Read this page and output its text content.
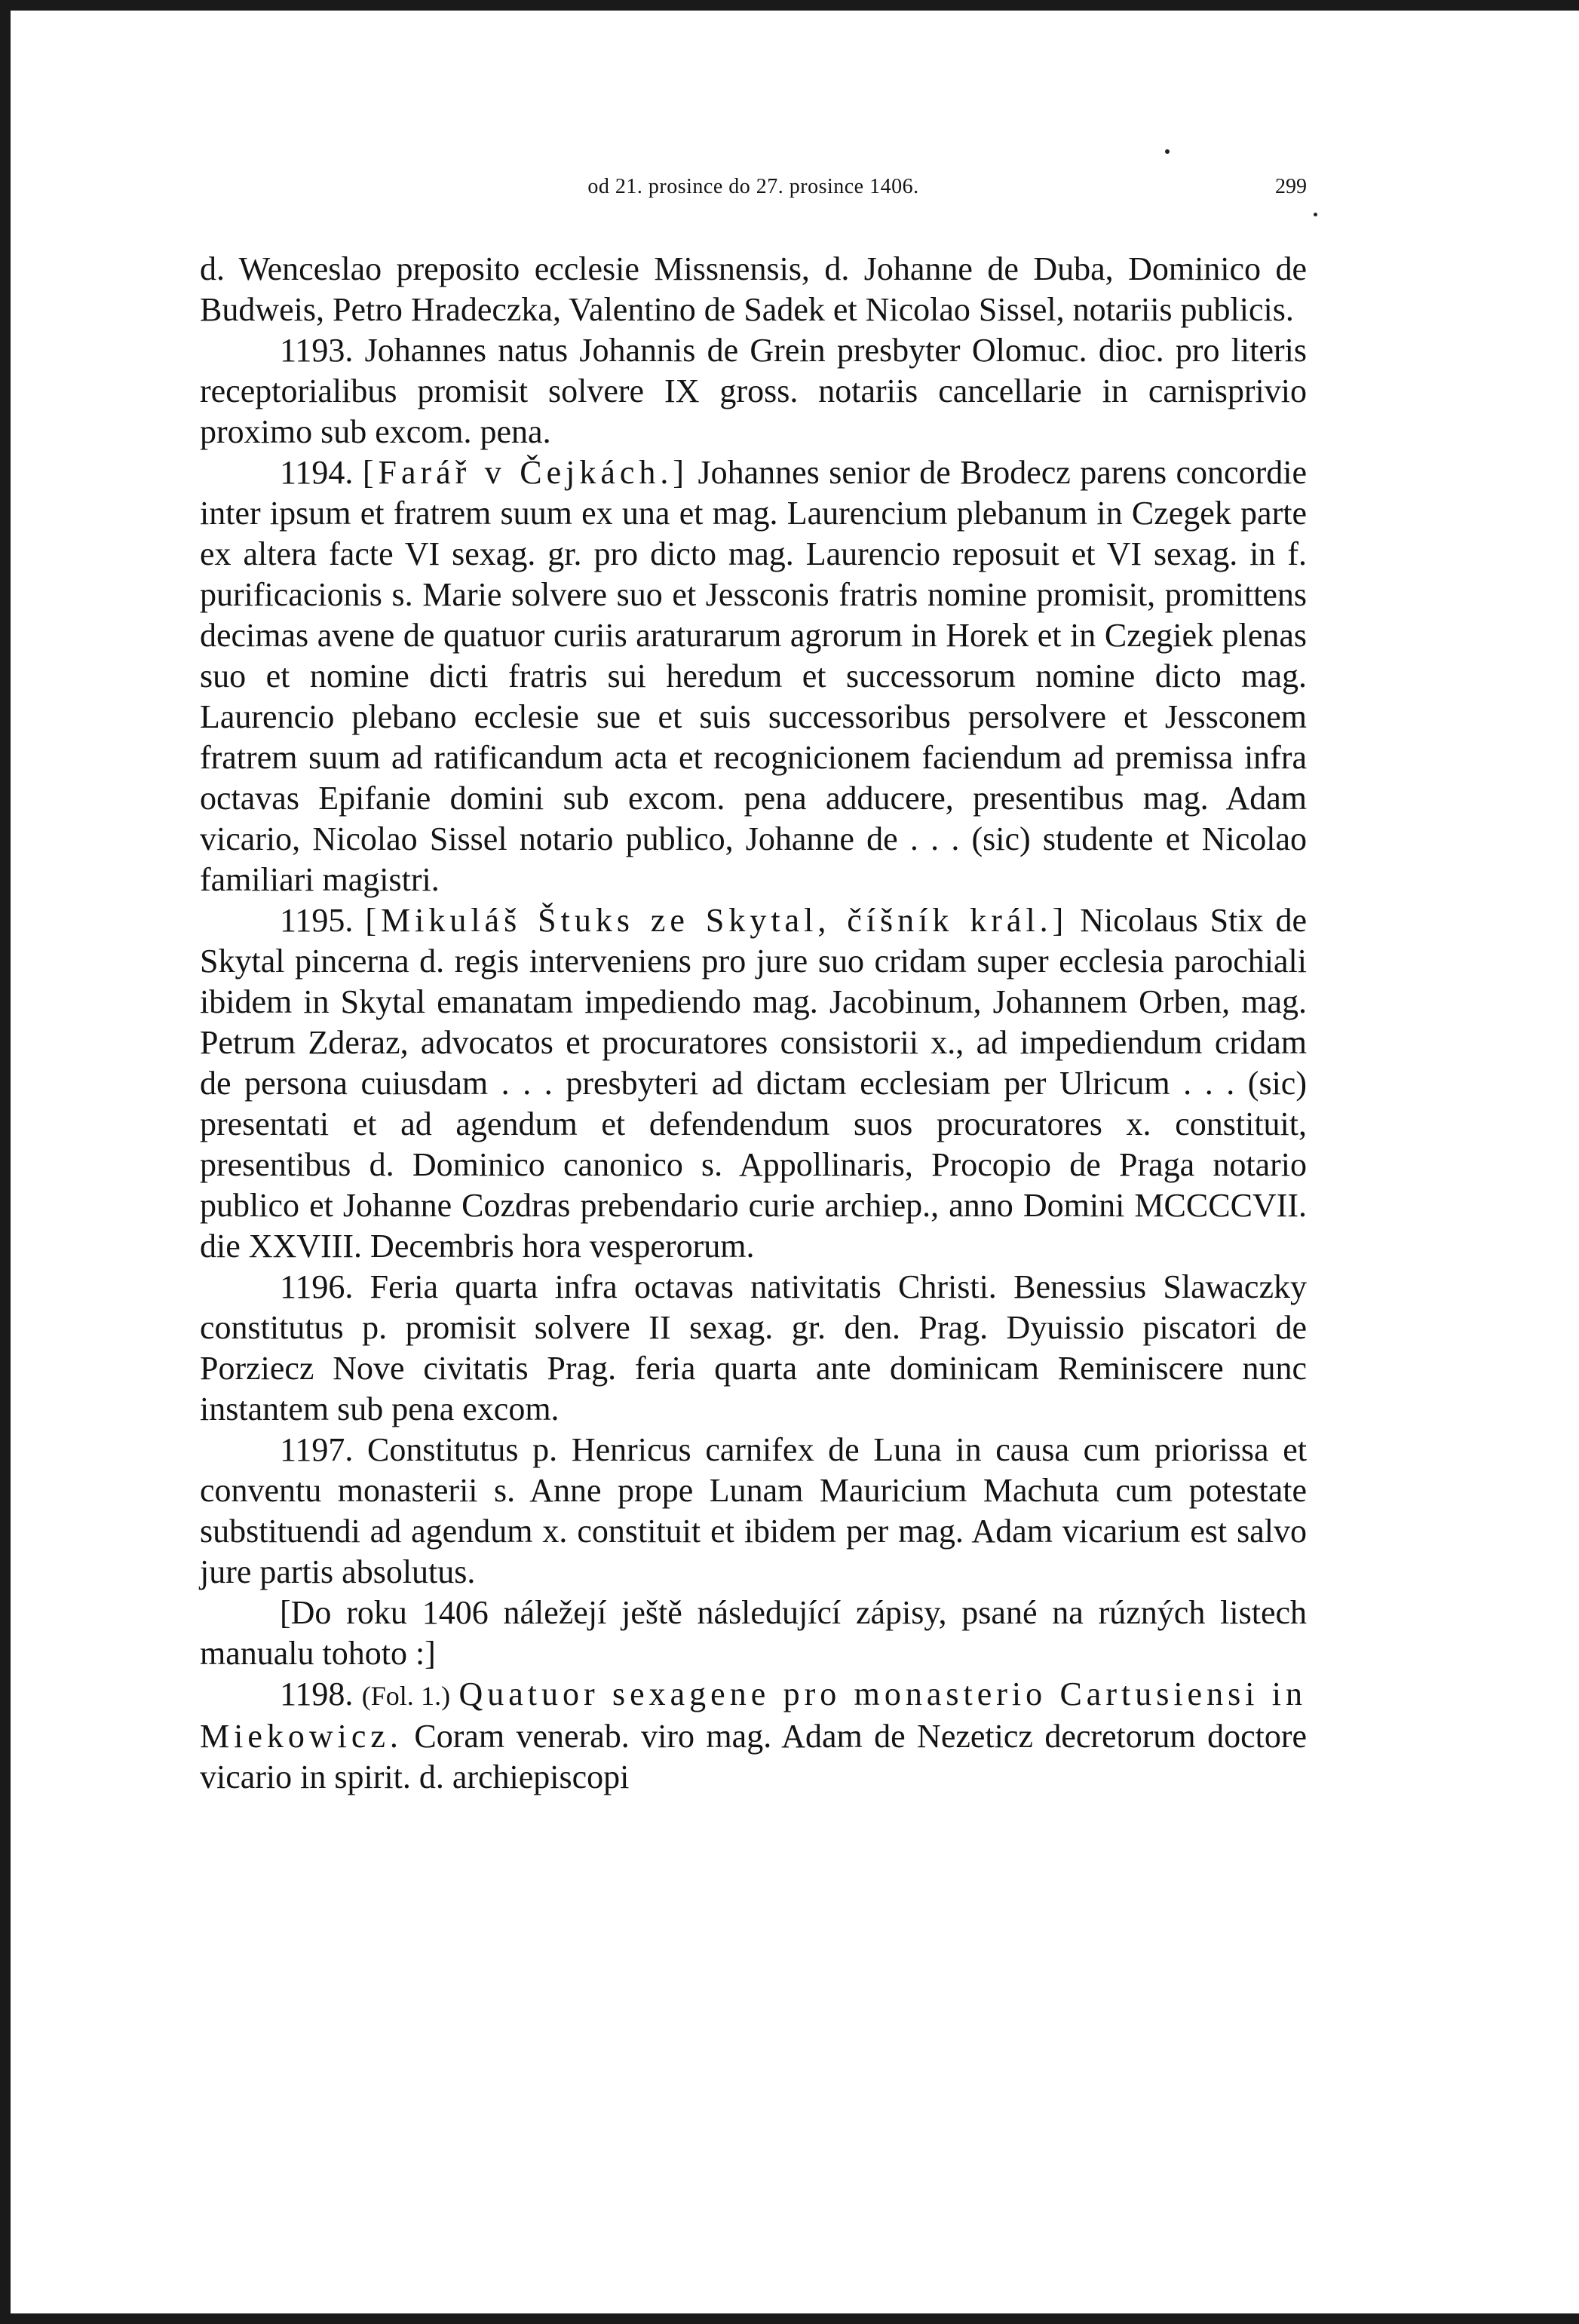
od 21. prosince do 27. prosince 1406.	299

d. Wenceslao preposito ecclesie Missnensis, d. Johanne de Duba, Dominico de Budweis, Petro Hradeczka, Valentino de Sadek et Nicolao Sissel, notariis publicis.

1193. Johannes natus Johannis de Grein presbyter Olomuc. dioc. pro literis receptorialibus promisit solvere IX gross. notariis cancellarie in carnisprivio proximo sub excom. pena.

1194. [Farář v Čejkách.] Johannes senior de Brodecz parens concordie inter ipsum et fratrem suum ex una et mag. Laurencium plebanum in Czegek parte ex altera facte VI sexag. gr. pro dicto mag. Laurencio reposuit et VI sexag. in f. purificacionis s. Marie solvere suo et Jessconis fratris nomine promisit, promittens decimas avene de quatuor curiis araturarum agrorum in Horek et in Czegiek plenas suo et nomine dicti fratris sui heredum et successorum nomine dicto mag. Laurencio plebano ecclesie sue et suis successoribus persolvere et Jessconem fratrem suum ad ratificandum acta et recognicionem faciendum ad premissa infra octavas Epifanie domini sub excom. pena adducere, presentibus mag. Adam vicario, Nicolao Sissel notario publico, Johanne de . . . (sic) studente et Nicolao familiari magistri.

1195. [Mikuláš Štuks ze Skytal, číšník král.] Nicolaus Stix de Skytal pincerna d. regis interveniens pro jure suo cridam super ecclesia parochiali ibidem in Skytal emanatam impediendo mag. Jacobinum, Johannem Orben, mag. Petrum Zderaz, advocatos et procuratores consistorii x., ad impediendum cridam de persona cuiusdam . . . presbyteri ad dictam ecclesiam per Ulricum . . . (sic) presentati et ad agendum et defendendum suos procuratores x. constituit, presentibus d. Dominico canonico s. Appollinaris, Procopio de Praga notario publico et Johanne Cozdras prebendario curie archiep., anno Domini MCCCCVII. die XXVIII. Decembris hora vesperorum.

1196. Feria quarta infra octavas nativitatis Christi. Benessius Slawaczky constitutus p. promisit solvere II sexag. gr. den. Prag. Dyuissio piscatori de Porziecz Nove civitatis Prag. feria quarta ante dominicam Reminiscere nunc instantem sub pena excom.

1197. Constitutus p. Henricus carnifex de Luna in causa cum priorissa et conventu monasterii s. Anne prope Lunam Mauricium Machuta cum potestate substituendi ad agendum x. constituit et ibidem per mag. Adam vicarium est salvo jure partis absolutus.

[Do roku 1406 náležejí ještě následující zápisy, psané na rúzných listech manualu tohoto :]

1198. (Fol. 1.) Quatuor sexagene pro monasterio Cartusiensi in Miekowicz. Coram venerab. viro mag. Adam de Nezeticz decretorum doctore vicario in spirit. d. archiepiscopi
